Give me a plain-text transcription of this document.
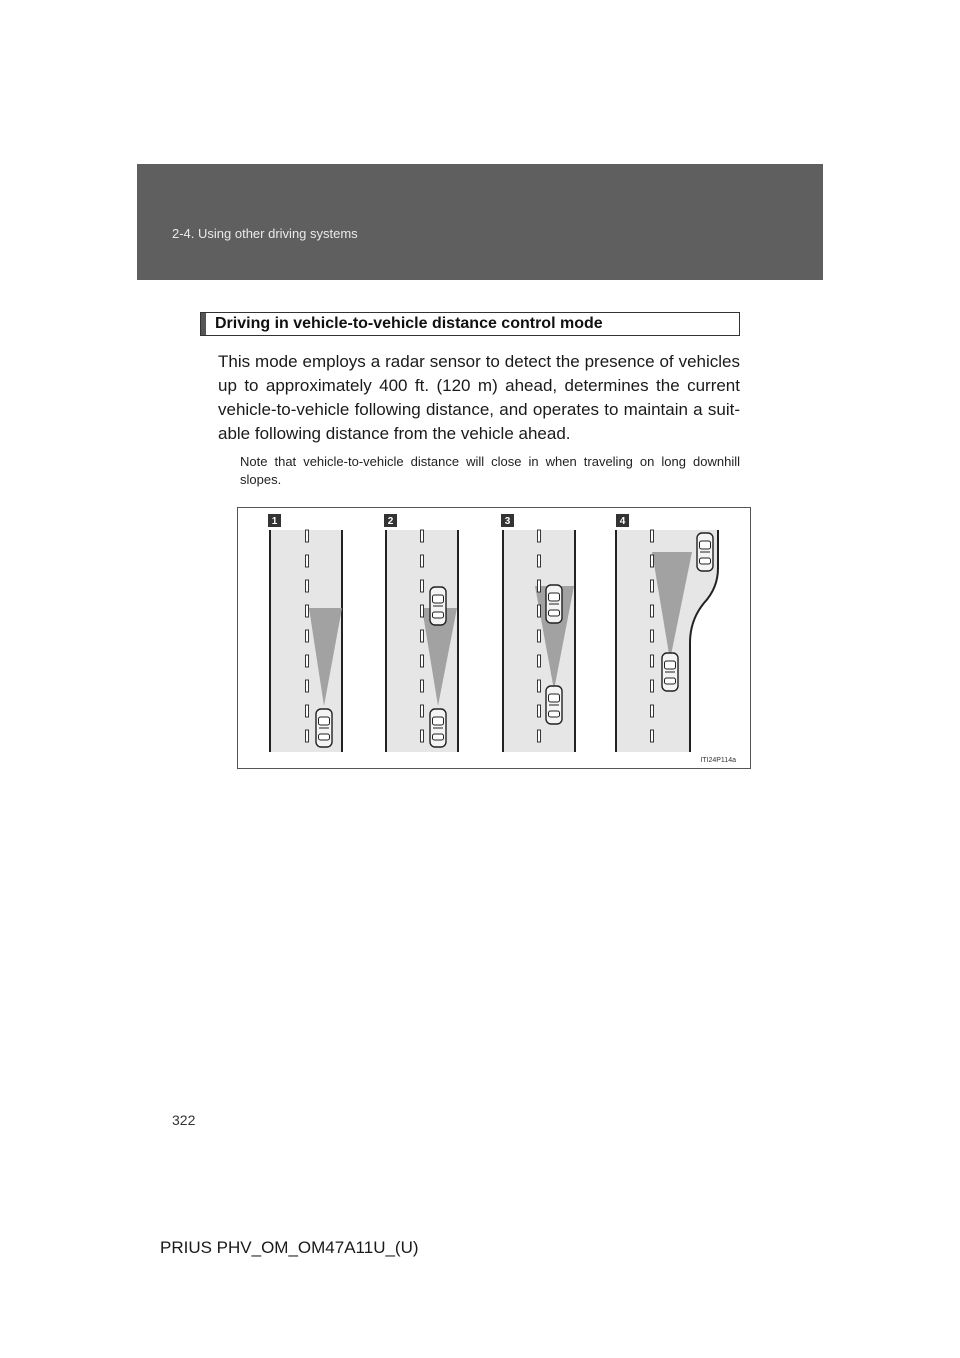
2-4. Using other driving systems
Driving in vehicle-to-vehicle distance control mode
This mode employs a radar sensor to detect the presence of vehicles up to approximately 400 ft. (120 m) ahead, determines the current vehicle-to-vehicle following distance, and operates to maintain a suit-able following distance from the vehicle ahead.
Note that vehicle-to-vehicle distance will close in when traveling on long downhill slopes.
1	2	3	4
ITI24P114a
322
PRIUS PHV_OM_OM47A11U_(U)
